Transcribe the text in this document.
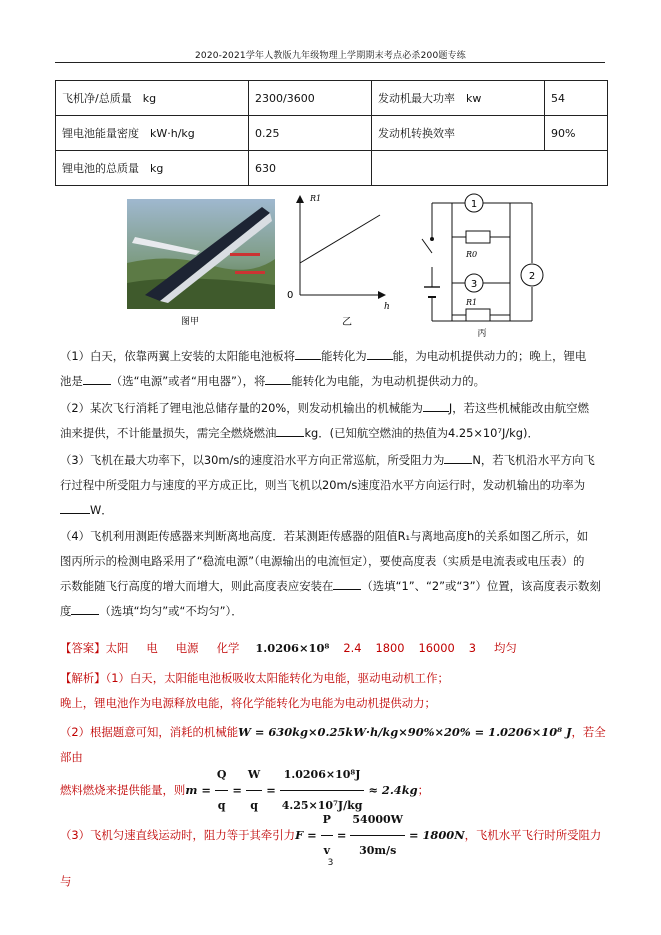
2020-2021学年人教版九年级物理上学期期末考点必杀200题专练
飞机净/总质量　kg	2300/3600	发动机最大功率　kw	54
锂电池能量密度　kW·h/kg	0.25	发动机转换效率	90%
锂电池的总质量　kg	630		
图甲
R1
h
0
乙
1
2
3
R0
R1
丙
（1）白天，依靠两翼上安装的太阳能电池板将 能转化为 能，为电动机提供动力的；晚上，锂电
池是 （选“电源”或者“用电器”），将 能转化为电能，为电动机提供动力的。
（2）某次飞行消耗了锂电池总储存量的20%，则发动机输出的机械能为 J，若这些机械能改由航空燃
油来提供，不计能量损失，需完全燃烧燃油 kg．(已知航空燃油的热值为4.25×10⁷J/kg)．
（3）飞机在最大功率下，以30m/s的速度沿水平方向正常巡航，所受阻力为 N，若飞机沿水平方向飞
行过程中所受阻力与速度的平方成正比，则当飞机以20m/s速度沿水平方向运行时，发动机输出的功率为
W．
（4）飞机利用测距传感器来判断离地高度．若某测距传感器的阻值R₁与离地高度h的关系如图乙所示，如
图丙所示的检测电路采用了“稳流电源”（电源输出的电流恒定），要使高度表（实质是电流表或电压表）的
示数能随飞行高度的增大而增大，则此高度表应安装在 （选填“1”、“2”或“3”）位置，该高度表示数刻
度 （选填“均匀”或“不均匀”）．
【答案】太阳 电 电源 化学 1.0206×10⁸ 2.4 1800 16000 3 均匀
【解析】（1）白天，太阳能电池板吸收太阳能转化为电能，驱动电动机工作；
晚上，锂电池作为电源释放电能，将化学能转化为电能为电动机提供动力；
（2）根据题意可知，消耗的机械能W = 630kg×0.25kW·h/kg×90%×20% = 1.0206×10⁸ J，若全部由
燃料燃烧来提供能量，则$m = \frac{Q}{q} = \frac{W}{q} = \frac{\text{1.0206×10⁸J}}{\text{4.25×10⁷J/kg}} \approx 2.4kg$；
（3）飞机匀速直线运动时，阻力等于其牵引力$F = \frac{P}{v} = \frac{54000W}{30m/s} = 1800N$，飞机水平飞行时所受阻力与
3
